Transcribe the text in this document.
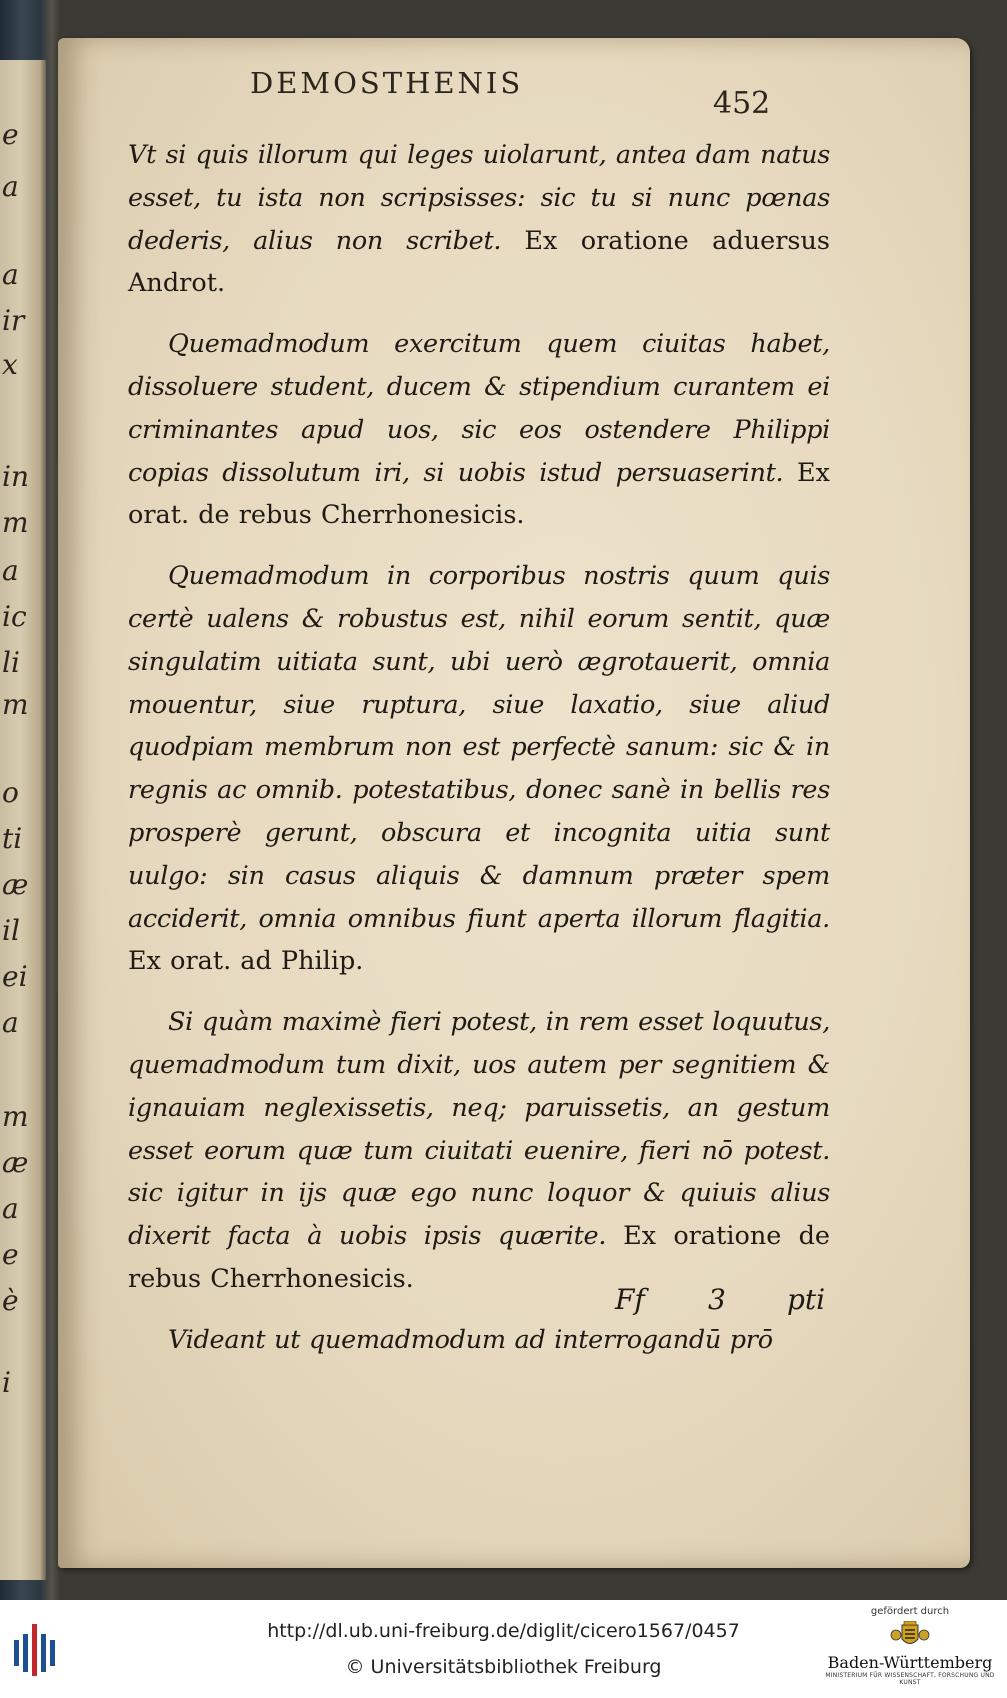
e
a
a
ir
x
in
m
a
ic
li
m
o
ti
æ
il
ei
a
m
æ
a
e
è
i
DEMOSTHENIS
452

Vt si quis illorum qui leges uiolarunt, antea dam natus esset, tu ista non scripsisses: sic tu si nunc pœnas dederis, alius non scribet. Ex oratione aduersus Androt.

Quemadmodum exercitum quem ciuitas habet, dissoluere student, ducem & stipendium curantem ei criminantes apud uos, sic eos ostendere Philippi copias dissolutum iri, si uobis istud persuaserint. Ex orat. de rebus Cherrhonesicis.

Quemadmodum in corporibus nostris quum quis certè ualens & robustus est, nihil eorum sentit, quæ singulatim uitiata sunt, ubi uerò ægrotauerit, omnia mouentur, siue ruptura, siue laxatio, siue aliud quodpiam membrum non est perfectè sanum: sic & in regnis ac omnib. potestatibus, donec sanè in bellis res prosperè gerunt, obscura et incognita uitia sunt uulgo: sin casus aliquis & damnum præter spem acciderit, omnia omnibus fiunt aperta illorum flagitia. Ex orat. ad Philip.

Si quàm maximè fieri potest, in rem esset loquutus, quemadmodum tum dixit, uos autem per segnitiem & ignauiam neglexissetis, neq; paruissetis, an gestum esset eorum quæ tum ciuitati euenire, fieri nō potest. sic igitur in ijs quæ ego nunc loquor & quiuis alius dixerit facta à uobis ipsis quærite. Ex oratione de rebus Cherrhonesicis.

Videant ut quemadmodum ad interrogandū prō

Ff 3 pti
http://dl.ub.uni-freiburg.de/diglit/cicero1567/0457
© Universitätsbibliothek Freiburg
gefördert durch
Baden-Württemberg
MINISTERIUM FÜR WISSENSCHAFT, FORSCHUNG UND KUNST
